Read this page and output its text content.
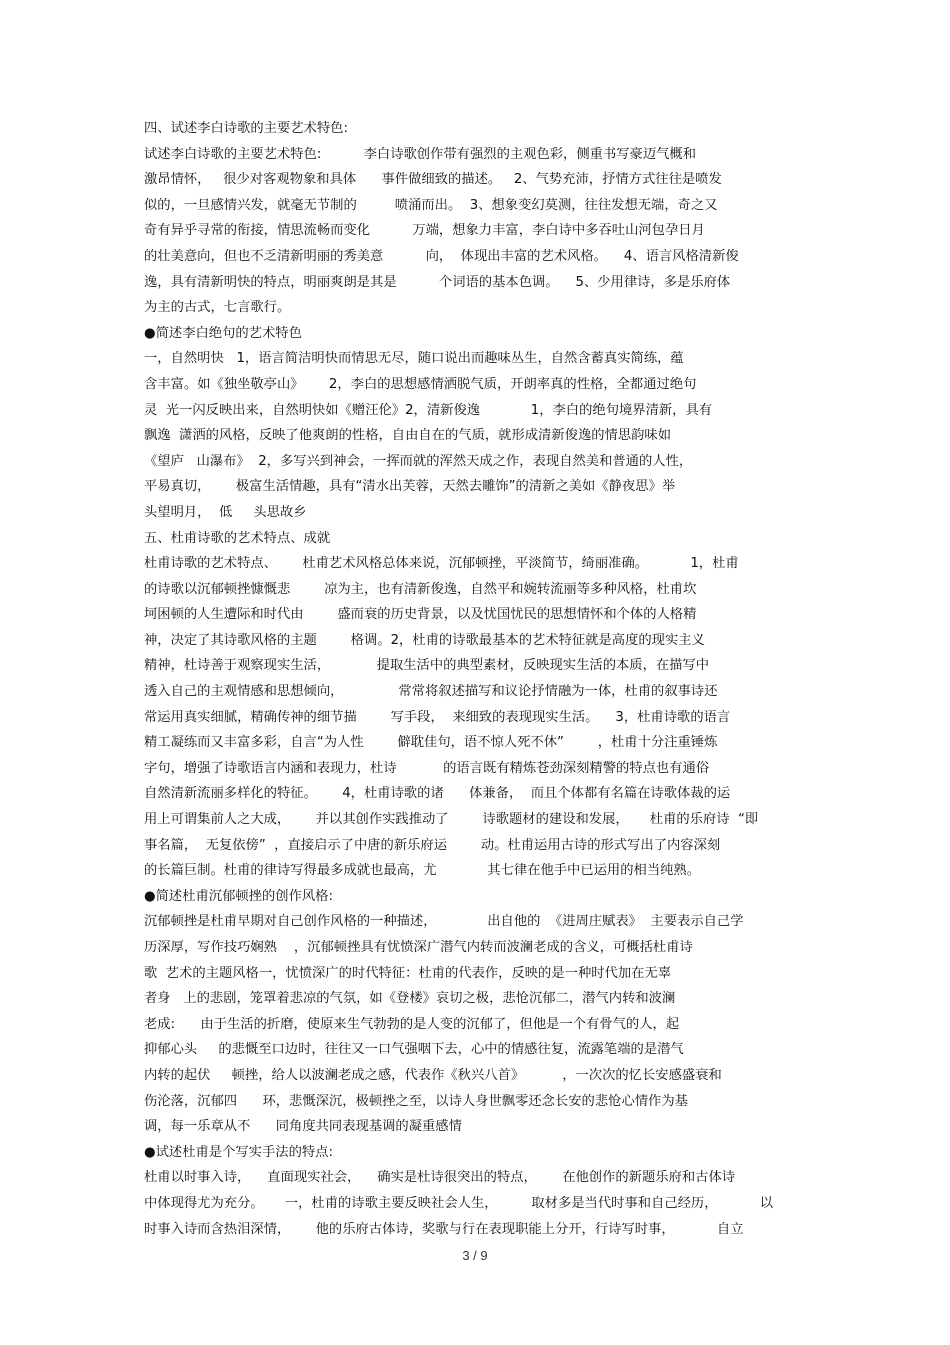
四、试述李白诗歌的主要艺术特色:
试述李白诗歌的主要艺术特色:          李白诗歌创作带有强烈的主观色彩，侧重书写豪迈气概和
激昂情怀，   很少对客观物象和具体      事件做细致的描述。   2、气势充沛，抒情方式往往是喷发
似的，一旦感情兴发，就毫无节制的         喷涌而出。  3、想象变幻莫测，往往发想无端，奇之又
奇有异乎寻常的衔接，情思流畅而变化          万端，想象力丰富，李白诗中多吞吐山河包孕日月
的壮美意向，但也不乏清新明丽的秀美意          向，  体现出丰富的艺术风格。    4、语言风格清新俊
逸，具有清新明快的特点，明丽爽朗是其是          个词语的基本色调。    5、少用律诗，多是乐府体
为主的古式，七言歌行。
●简述李白绝句的艺术特色
一，自然明快   1，语言简洁明快而情思无尽，随口说出而趣味丛生，自然含蓄真实简练，蕴
含丰富。如《独坐敬亭山》      2，李白的思想感情洒脱气质，开朗率真的性格，全都通过绝句
灵  光一闪反映出来，自然明快如《赠汪伦》2，清新俊逸            1，李白的绝句境界清新，具有
飘逸  潇洒的风格，反映了他爽朗的性格，自由自在的气质，就形成清新俊逸的情思韵味如
《望庐   山瀑布》  2，多写兴到神会，一挥而就的浑然天成之作，表现自然美和普通的人性，
平易真切，      极富生活情趣，具有“清水出芙蓉，天然去雕饰”的清新之美如《静夜思》举
头望明月，  低     头思故乡
五、杜甫诗歌的艺术特点、成就
杜甫诗歌的艺术特点、      杜甫艺术风格总体来说，沉郁顿挫，平淡简节，绮丽准确。          1，杜甫
的诗歌以沉郁顿挫慷慨悲        凉为主，也有清新俊逸，自然平和婉转流丽等多种风格，杜甫坎
坷困顿的人生遭际和时代由        盛而衰的历史背景，以及忧国忧民的思想情怀和个体的人格精
神，决定了其诗歌风格的主题        格调。2，杜甫的诗歌最基本的艺术特征就是高度的现实主义
精神，杜诗善于观察现实生活，           提取生活中的典型素材，反映现实生活的本质，在描写中
透入自己的主观情感和思想倾向，             常常将叙述描写和议论抒情融为一体，杜甫的叙事诗还
常运用真实细腻，精确传神的细节描        写手段，  来细致的表现现实生活。    3，杜甫诗歌的语言
精工凝练而又丰富多彩，自言“为人性        僻耽佳句，语不惊人死不休”        ，杜甫十分注重锤炼
字句，增强了诗歌语言内涵和表现力，杜诗           的语言既有精炼苍劲深刻精警的特点也有通俗
自然清新流丽多样化的特征。      4，杜甫诗歌的诸      体兼备，  而且个体都有名篇在诗歌体裁的运
用上可谓集前人之大成，      并以其创作实践推动了        诗歌题材的建设和发展，     杜甫的乐府诗  “即
事名篇，  无复依傍”  ，直接启示了中唐的新乐府运        动。杜甫运用古诗的形式写出了内容深刻
的长篇巨制。杜甫的律诗写得最多成就也最高，尤            其七律在他手中已运用的相当纯熟。
●简述杜甫沉郁顿挫的创作风格:
沉郁顿挫是杜甫早期对自己创作风格的一种描述，            出自他的  《进周庄赋表》  主要表示自己学
历深厚，写作技巧娴熟    ，沉郁顿挫具有忧愤深广潜气内转而波澜老成的含义，可概括杜甫诗
歌  艺术的主题风格一，忧愤深广的时代特征：杜甫的代表作，反映的是一种时代加在无辜
者身   上的悲剧，笼罩着悲凉的气氛，如《登楼》哀切之极，悲怆沉郁二，潜气内转和波澜
老成:      由于生活的折磨，使原来生气勃勃的是人变的沉郁了，但他是一个有骨气的人，起
抑郁心头     的悲慨至口边时，往往又一口气强咽下去，心中的情感往复，流露笔端的是潜气
内转的起伏     顿挫，给人以波澜老成之感，代表作《秋兴八首》         ，一次次的忆长安感盛衰和
伤沦落，沉郁四      环，悲慨深沉，极顿挫之至，以诗人身世飘零还念长安的悲怆心情作为基
调，每一乐章从不      同角度共同表现基调的凝重感情
●试述杜甫是个写实手法的特点:
杜甫以时事入诗，    直面现实社会，    确实是杜诗很突出的特点，      在他创作的新题乐府和古体诗
中体现得尤为充分。     一，杜甫的诗歌主要反映社会人生，        取材多是当代时事和自己经历，          以
时事入诗而含热泪深情，      他的乐府古体诗，奖歌与行在表现职能上分开，行诗写时事，          自立
3 / 9
